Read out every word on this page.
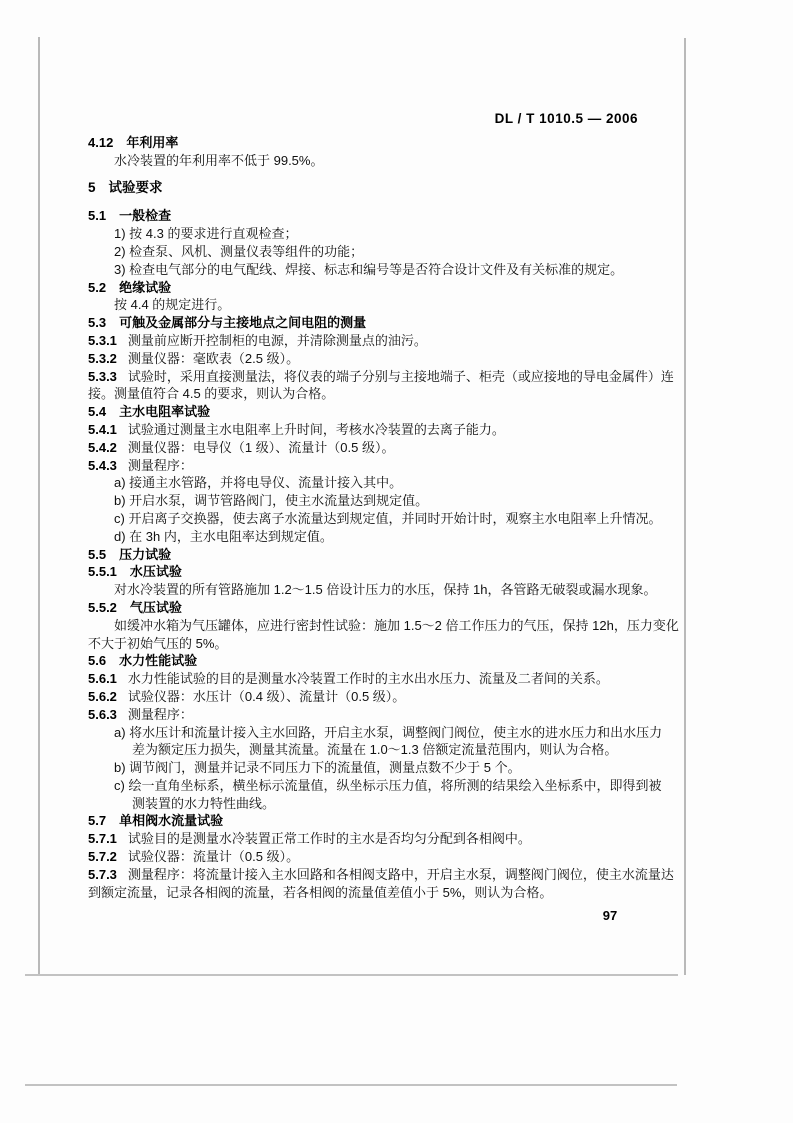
DL / T 1010.5 — 2006
4.12 年利用率
水冷装置的年利用率不低于 99.5%。
5 试验要求
5.1 一般检查
1) 按 4.3 的要求进行直观检查；
2) 检查泵、风机、测量仪表等组件的功能；
3) 检查电气部分的电气配线、焊接、标志和编号等是否符合设计文件及有关标准的规定。
5.2 绝缘试验
按 4.4 的规定进行。
5.3 可触及金属部分与主接地点之间电阻的测量
5.3.1 测量前应断开控制柜的电源，并清除测量点的油污。
5.3.2 测量仪器：毫欧表（2.5 级）。
5.3.3 试验时，采用直接测量法，将仪表的端子分别与主接地端子、柜壳（或应接地的导电金属件）连
接。测量值符合 4.5 的要求，则认为合格。
5.4 主水电阻率试验
5.4.1 试验通过测量主水电阻率上升时间，考核水冷装置的去离子能力。
5.4.2 测量仪器：电导仪（1 级）、流量计（0.5 级）。
5.4.3 测量程序：
a) 接通主水管路，并将电导仪、流量计接入其中。
b) 开启水泵，调节管路阀门，使主水流量达到规定值。
c) 开启离子交换器，使去离子水流量达到规定值，并同时开始计时，观察主水电阻率上升情况。
d) 在 3h 内，主水电阻率达到规定值。
5.5 压力试验
5.5.1 水压试验
对水冷装置的所有管路施加 1.2～1.5 倍设计压力的水压，保持 1h，各管路无破裂或漏水现象。
5.5.2 气压试验
如缓冲水箱为气压罐体，应进行密封性试验：施加 1.5～2 倍工作压力的气压，保持 12h，压力变化
不大于初始气压的 5%。
5.6 水力性能试验
5.6.1 水力性能试验的目的是测量水冷装置工作时的主水出水压力、流量及二者间的关系。
5.6.2 试验仪器：水压计（0.4 级）、流量计（0.5 级）。
5.6.3 测量程序：
a) 将水压计和流量计接入主水回路，开启主水泵，调整阀门阀位，使主水的进水压力和出水压力
差为额定压力损失，测量其流量。流量在 1.0～1.3 倍额定流量范围内，则认为合格。
b) 调节阀门，测量并记录不同压力下的流量值，测量点数不少于 5 个。
c) 绘一直角坐标系，横坐标示流量值，纵坐标示压力值，将所测的结果绘入坐标系中，即得到被
测装置的水力特性曲线。
5.7 单相阀水流量试验
5.7.1 试验目的是测量水冷装置正常工作时的主水是否均匀分配到各相阀中。
5.7.2 试验仪器：流量计（0.5 级）。
5.7.3 测量程序：将流量计接入主水回路和各相阀支路中，开启主水泵，调整阀门阀位，使主水流量达
到额定流量，记录各相阀的流量，若各相阀的流量值差值小于 5%，则认为合格。
97
